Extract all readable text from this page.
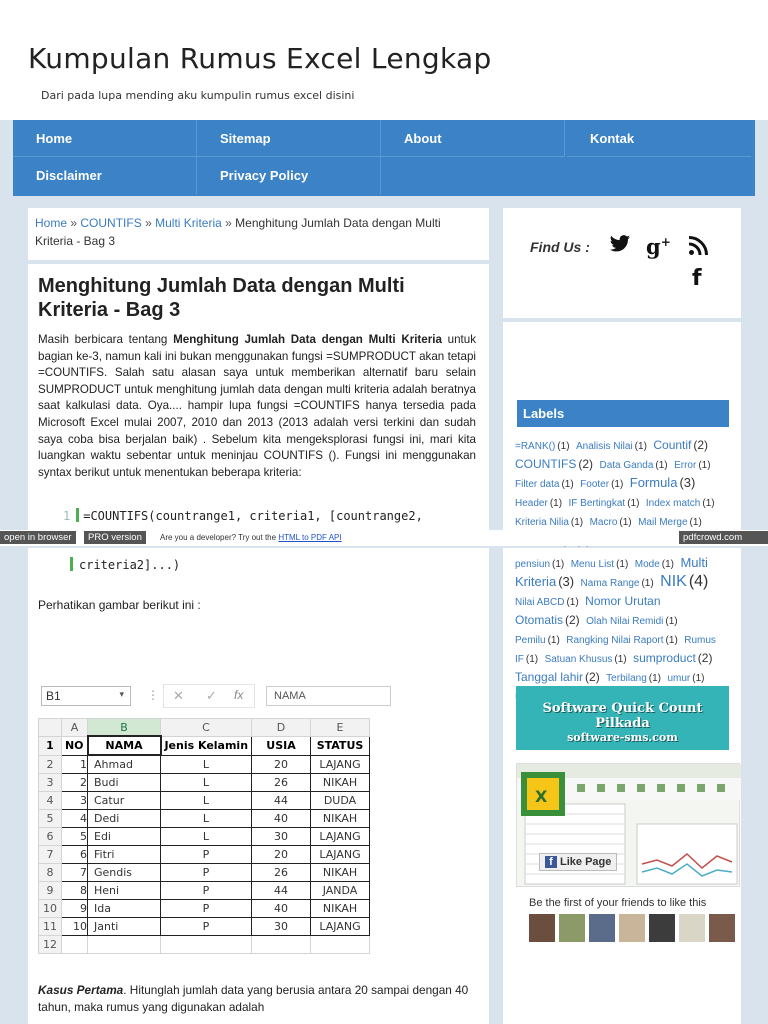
Kumpulan Rumus Excel Lengkap
Dari pada lupa mending aku kumpulin rumus excel disini
Home	Sitemap	About	Kontak
Disclaimer	Privacy Policy
Home » COUNTIFS » Multi Kriteria » Menghitung Jumlah Data dengan Multi Kriteria - Bag 3
Menghitung Jumlah Data dengan Multi Kriteria - Bag 3

Masih berbicara tentang Menghitung Jumlah Data dengan Multi Kriteria untuk bagian ke-3, namun kali ini bukan menggunakan fungsi =SUMPRODUCT akan tetapi =COUNTIFS. Salah satu alasan saya untuk memberikan alternatif baru selain SUMPRODUCT untuk menghitung jumlah data dengan multi kriteria adalah beratnya saat kalkulasi data. Oya.... hampir lupa fungsi =COUNTIFS hanya tersedia pada Microsoft Excel mulai 2007, 2010 dan 2013 (2013 adalah versi terkini dan sudah saya coba bisa berjalan baik) . Sebelum kita mengeksplorasi fungsi ini, mari kita luangkan waktu sebentar untuk meninjau COUNTIFS (). Fungsi ini menggunakan syntax berikut untuk menentukan beberapa kriteria:

1 =COUNTIFS(countrange1, criteria1, [countrange2,
Find Us :	g+
f
Labels
=RANK() (1) Analisis Nilai (1) Countif (2) COUNTIFS (2) Data Ganda (1) Error (1) Filter data (1) Footer (1) Formula (3) Header (1) IF Bertingkat (1) Index match (1) Kriteria Nilia (1) Macro (1) Mail Merge (1)
open in browser	PRO version	Are you a developer? Try out the HTML to PDF API	pdfcrowd.com
criteria2]...)
Perhatikan gambar berikut ini :
B1	▾ ⋮ ✕ ✓ fx	NAMA
	A	B	C	D	E
1	NO	NAMA	Jenis Kelamin	USIA	STATUS
2	1	Ahmad	L	20	LAJANG
3	2	Budi	L	26	NIKAH
4	3	Catur	L	44	DUDA
5	4	Dedi	L	40	NIKAH
6	5	Edi	L	30	LAJANG
7	6	Fitri	P	20	LAJANG
8	7	Gendis	P	26	NIKAH
9	8	Heni	P	44	JANDA
10	9	Ida	P	40	NIKAH
11	10	Janti	P	30	LAJANG
12					
Kasus Pertama. Hitunglah jumlah data yang berusia antara 20 sampai dengan 40 tahun, maka rumus yang digunakan adalah
pensiun (1) Menu List (1) Mode (1) Multi Kriteria (3) Nama Range (1) NIK (4) Nilai ABCD (1) Nomor Urutan Otomatis (2) Olah Nilai Remidi (1) Pemilu (1) Rangking Nilai Raport (1) Rumus IF (1) Satuan Khusus (1) sumproduct (2) Tanggal lahir (2) Terbilang (1) umur (1)
Software Quick Count Pilkada
software-sms.com
X
f Like Page
Be the first of your friends to like this
